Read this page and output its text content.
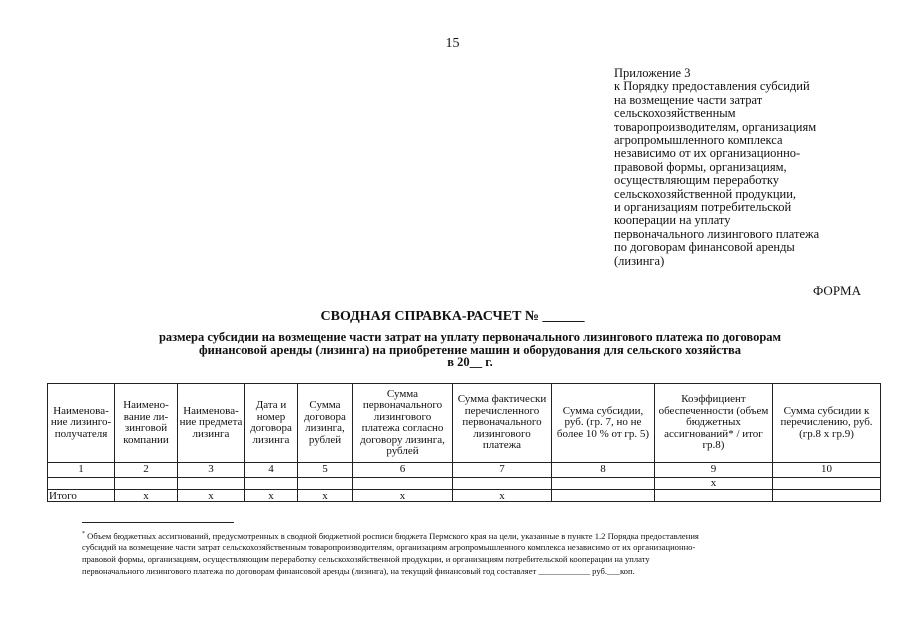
15
Приложение 3
к Порядку предоставления субсидий
на возмещение части затрат
сельскохозяйственным
товаропроизводителям, организациям
агропромышленного комплекса
независимо от их организационно-
правовой формы, организациям,
осуществляющим переработку
сельскохозяйственной продукции,
и организациям потребительской
кооперации на уплату
первоначального лизингового платежа
по договорам финансовой аренды
(лизинга)
ФОРМА
СВОДНАЯ СПРАВКА-РАСЧЕТ № ______
размера субсидии на возмещение части затрат на уплату первоначального лизингового платежа по договорам
финансовой аренды (лизинга) на приобретение машин и оборудования для сельского хозяйства
в 20__ г.
Наименова-ние лизинго-получателя	Наимено-вание ли-зинговой компании	Наименова-ние предмета лизинга	Дата и номер договора лизинга	Сумма договора лизинга, рублей	Сумма первоначального лизингового платежа согласно договору лизинга, рублей	Сумма фактически перечисленного первоначального лизингового платежа	Сумма субсидии, руб. (гр. 7, но не более 10 % от гр. 5)	Коэффициент обеспеченности (объем бюджетных ассигнований* / итог гр.8)	Сумма субсидии к перечислению, руб. (гр.8 х гр.9)
1	2	3	4	5	6	7	8	9	10
								x	
Итого	x	x	x	x	x	x			
* Объем бюджетных ассигнований, предусмотренных в сводной бюджетной росписи бюджета Пермского края на цели, указанные в пункте 1.2 Порядка предоставления
субсидий на возмещение части затрат сельскохозяйственным товаропроизводителям, организациям агропромышленного комплекса независимо от их организационно-
правовой формы, организациям, осуществляющим переработку сельскохозяйственной продукции, и организациям потребительской кооперации на уплату
первоначального лизингового платежа по договорам финансовой аренды (лизинга), на текущий финансовый год составляет ____________ руб.___коп.
